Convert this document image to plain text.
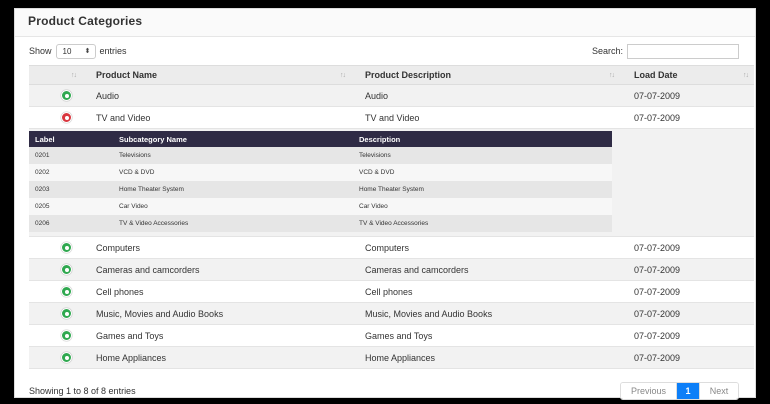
Product Categories
Show 10 ⬍ entries	Search:
↑↓ Product Name	↑↓ Product Description	↑↓ Load Date	↑↓
Audio	Audio	07-07-2009
TV and Video	TV and Video	07-07-2009
Label	Subcategory Name	Description
0201	Televisions	Televisions
0202	VCD & DVD	VCD & DVD
0203	Home Theater System	Home Theater System
0205	Car Video	Car Video
0206	TV & Video Accessories	TV & Video Accessories
Computers	Computers	07-07-2009
Cameras and camcorders	Cameras and camcorders	07-07-2009
Cell phones	Cell phones	07-07-2009
Music, Movies and Audio Books	Music, Movies and Audio Books	07-07-2009
Games and Toys	Games and Toys	07-07-2009
Home Appliances	Home Appliances	07-07-2009
Showing 1 to 8 of 8 entries	Previous	1	Next
